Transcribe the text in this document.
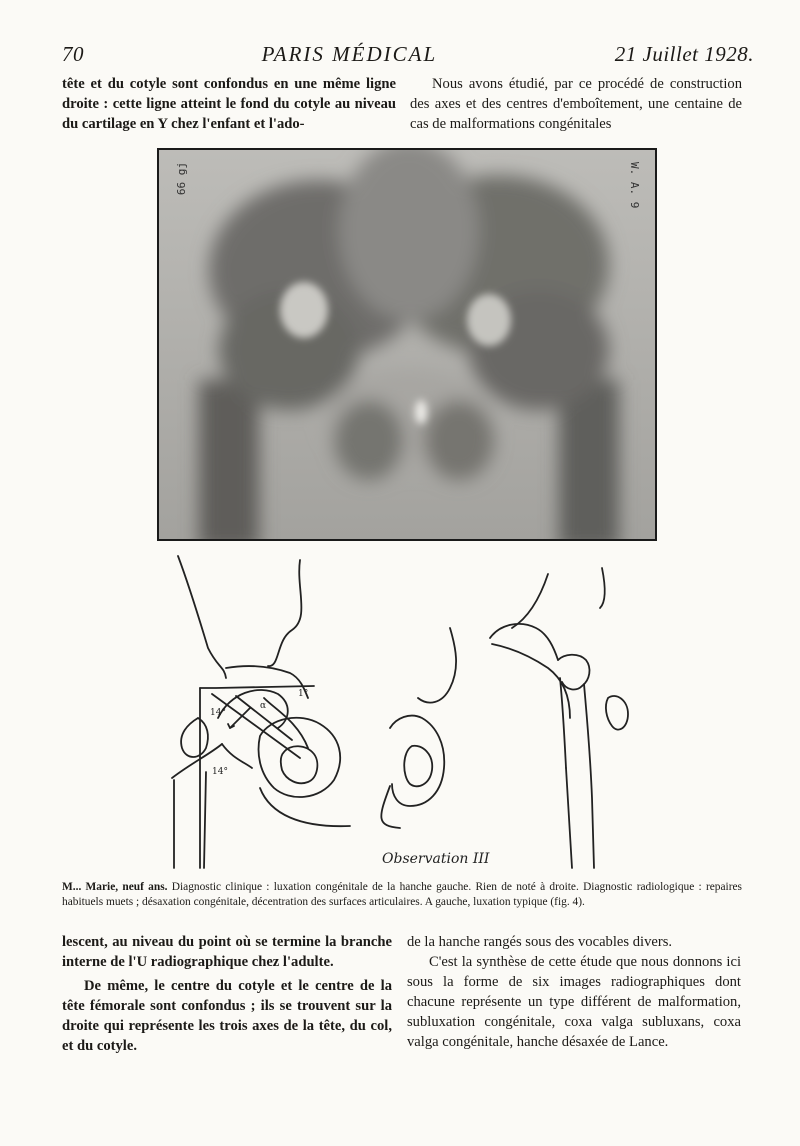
70	PARIS MÉDICAL	21 Juillet 1928.

tête et du cotyle sont confondus en une même ligne droite : cette ligne atteint le fond du cotyle au niveau du cartilage en Y chez l'enfant et l'ado-

Nous avons étudié, par ce procédé de construction des axes et des centres d'emboîtement, une centaine de cas de malformations congénitales

66 gj	W. A. 9
14°
14°
α
1°
Observation III
M... Marie, neuf ans. Diagnostic clinique : luxation congénitale de la hanche gauche. Rien de noté à droite. Diagnostic radiologique : repaires habituels muets ; désaxation congénitale, décentration des surfaces articulaires. A gauche, luxation typique (fig. 4).

lescent, au niveau du point où se termine la branche interne de l'U radiographique chez l'adulte.

De même, le centre du cotyle et le centre de la tête fémorale sont confondus ; ils se trouvent sur la droite qui représente les trois axes de la tête, du col, et du cotyle.

de la hanche rangés sous des vocables divers.

C'est la synthèse de cette étude que nous donnons ici sous la forme de six images radiographiques dont chacune représente un type différent de malformation, subluxation congénitale, coxa valga subluxans, coxa valga congénitale, hanche désaxée de Lance.
